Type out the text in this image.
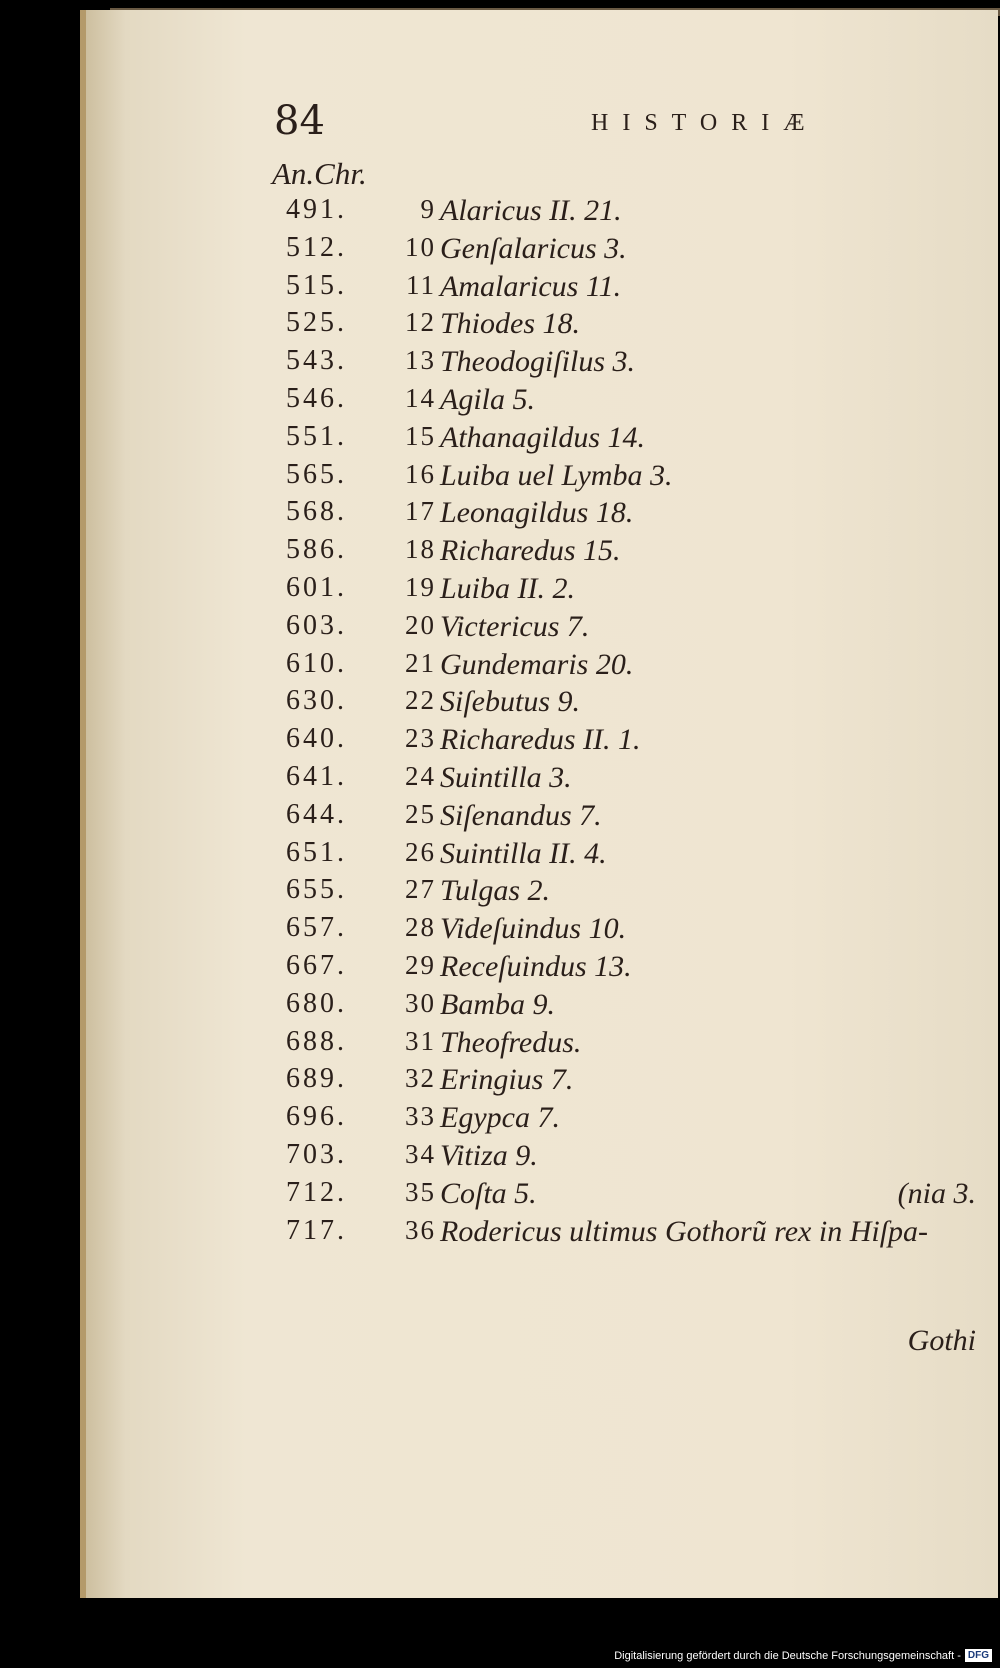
84	HISTORIÆ
An.Chr.
491.	9 Alaricus II. 21.
512.	10 Genſalaricus 3.
515.	11 Amalaricus 11.
525.	12 Thiodes 18.
543.	13 Theodogiſilus 3.
546.	14 Agila 5.
551.	15 Athanagildus 14.
565.	16 Luiba uel Lymba 3.
568.	17 Leonagildus 18.
586.	18 Richaredus 15.
601.	19 Luiba II. 2.
603.	20 Victericus 7.
610.	21 Gundemaris 20.
630.	22 Siſebutus 9.
640.	23 Richaredus II. 1.
641.	24 Suintilla 3.
644.	25 Siſenandus 7.
651.	26 Suintilla II. 4.
655.	27 Tulgas 2.
657.	28 Videſuindus 10.
667.	29 Receſuindus 13.
680.	30 Bamba 9.
688.	31 Theofredus.
689.	32 Eringius 7.
696.	33 Egypca 7.
703.	34 Vitiza 9.
712.	35 Coſta 5.	(nia 3.
717.	36 Rodericus ultimus Gothorũ rex in Hiſpa-
Gothi
Digitalisierung gefördert durch die Deutsche Forschungsgemeinschaft - DFG
